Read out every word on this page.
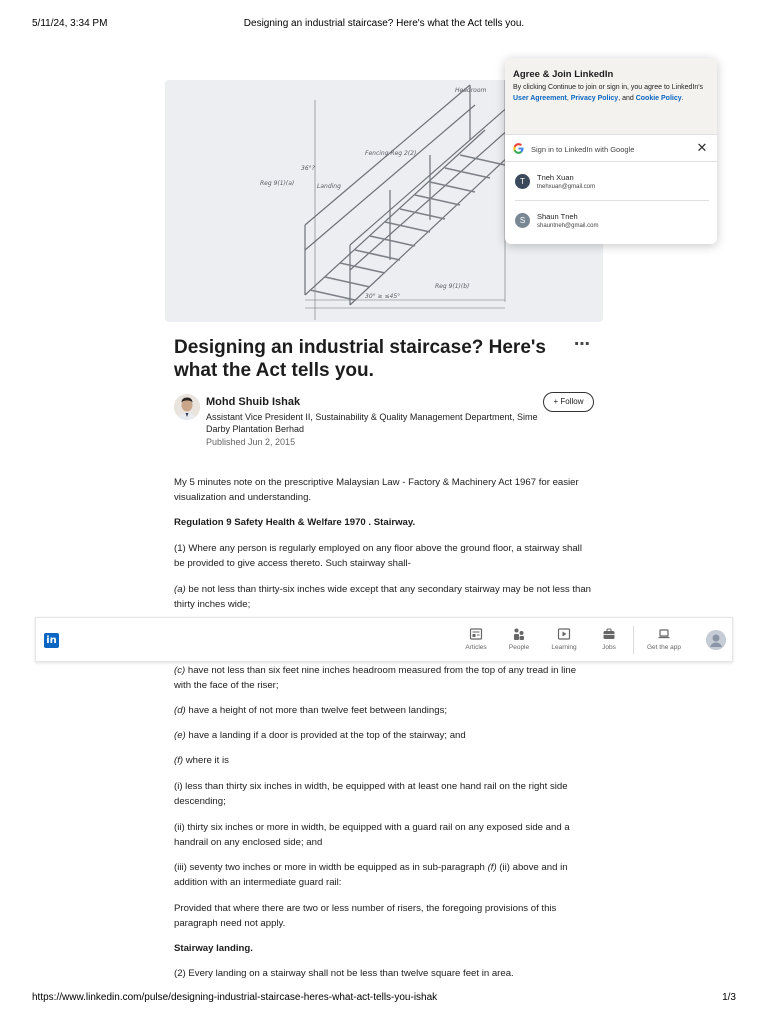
5/11/24, 3:34 PM	Designing an industrial staircase? Here's what the Act tells you.
Headroom
Landing
36°?
Fencing Reg 2(2)
Reg 9(1)(a)
30° ≥ ≤45°
Reg 9(1)(b)
Agree & Join LinkedIn
By clicking Continue to join or sign in, you agree to LinkedIn's User Agreement, Privacy Policy, and Cookie Policy.
Sign in to LinkedIn with Google	✕
T	Tneh Xuan
tnehxuan@gmail.com
S	Shaun Tneh
shauntneh@gmail.com
Designing an industrial staircase? Here's what the Act tells you.
⋯
Mohd Shuib Ishak
Assistant Vice President II, Sustainability & Quality Management Department, Sime Darby Plantation Berhad
Published Jun 2, 2015
+ Follow

My 5 minutes note on the prescriptive Malaysian Law - Factory & Machinery Act 1967 for easier visualization and understanding.

Regulation 9 Safety Health & Welfare 1970 . Stairway.

(1) Where any person is regularly employed on any floor above the ground floor, a stairway shall be provided to give access thereto. Such stairway shall-

(a) be not less than thirty-six inches wide except that any secondary stairway may be not less than thirty inches wide;

(c) have not less than six feet nine inches headroom measured from the top of any tread in line with the face of the riser;

(d) have a height of not more than twelve feet between landings;

(e) have a landing if a door is provided at the top of the stairway; and

(f) where it is

(i) less than thirty six inches in width, be equipped with at least one hand rail on the right side descending;

(ii) thirty six inches or more in width, be equipped with a guard rail on any exposed side and a handrail on any enclosed side; and

(iii) seventy two inches or more in width be equipped as in sub-paragraph (f) (ii) above and in addition with an intermediate guard rail:

Provided that where there are two or less number of risers, the foregoing provisions of this paragraph need not apply.

Stairway landing.

(2) Every landing on a stairway shall not be less than twelve square feet in area.

in
Articles	People	Learning	Jobs	Get the app
https://www.linkedin.com/pulse/designing-industrial-staircase-heres-what-act-tells-you-ishak	1/3
